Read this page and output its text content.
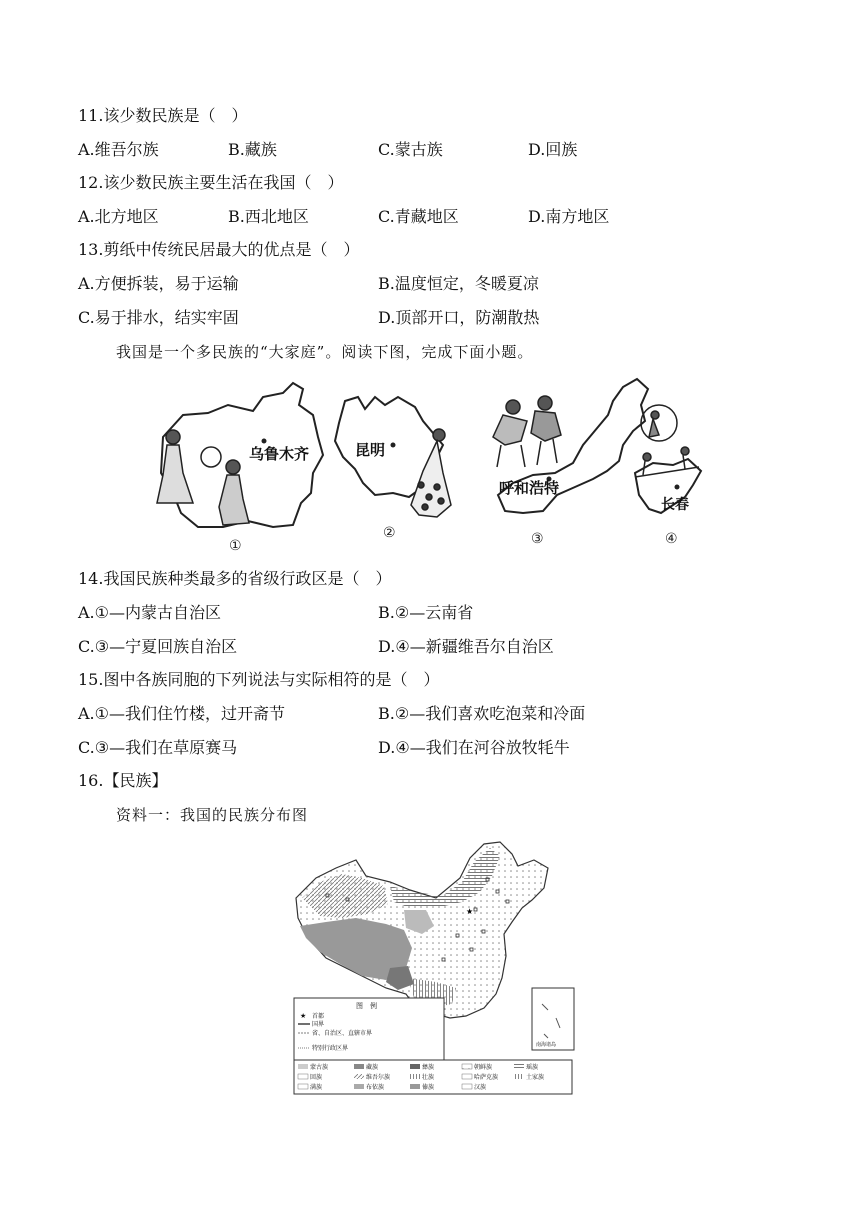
11.该少数民族是（　）
A.维吾尔族	B.藏族	C.蒙古族	D.回族
12.该少数民族主要生活在我国（　）
A.北方地区	B.西北地区	C.青藏地区	D.南方地区
13.剪纸中传统民居最大的优点是（　）
A.方便拆装，易于运输	B.温度恒定，冬暖夏凉
C.易于排水，结实牢固	D.顶部开口，防潮散热
我国是一个多民族的“大家庭”。阅读下图，完成下面小题。
乌鲁木齐	昆明
呼和浩特
长春
①
②	③	④
14.我国民族种类最多的省级行政区是（　）
A.①—内蒙古自治区	B.②—云南省
C.③—宁夏回族自治区	D.④—新疆维吾尔自治区
15.图中各族同胞的下列说法与实际相符的是（　）
A.①—我们住竹楼，过开斋节	B.②—我们喜欢吃泡菜和冷面
C.③—我们在草原赛马	D.④—我们在河谷放牧牦牛
16.【民族】
资料一：我国的民族分布图
★
南海诸岛
图　例
★ 首都
国界
省、自治区、直辖市界
特别行政区界
蒙古族	藏族	彝族	朝鲜族	瑶族
回族	维吾尔族	壮族	哈萨克族	土家族
满族	布依族	傣族	汉族
